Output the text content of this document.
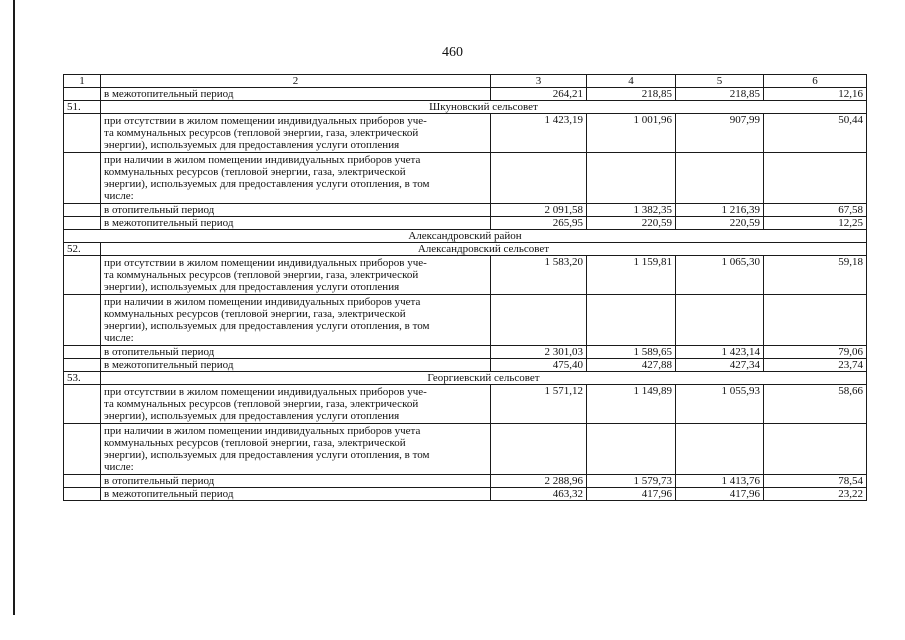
460
1	2	3	4	5	6
	в межотопительный период	264,21	218,85	218,85	12,16
51.	Шкуновский сельсовет				

	при отсутствии в жилом помещении индивидуальных приборов уче-
та коммунальных ресурсов (тепловой энергии, газа, электрической
энергии), используемых для предоставления услуги отопления	1 423,19	1 001,96	907,99	50,44

	при наличии в жилом помещении индивидуальных приборов учета
коммунальных ресурсов (тепловой энергии, газа, электрической
энергии), используемых для предоставления услуги отопления, в том
числе:				

	в отопительный период	2 091,58	1 382,35	1 216,39	67,58
	в межотопительный период	265,95	220,59	220,59	12,25
Александровский район					
52.	Александровский сельсовет				

	при отсутствии в жилом помещении индивидуальных приборов уче-
та коммунальных ресурсов (тепловой энергии, газа, электрической
энергии), используемых для предоставления услуги отопления	1 583,20	1 159,81	1 065,30	59,18

	при наличии в жилом помещении индивидуальных приборов учета
коммунальных ресурсов (тепловой энергии, газа, электрической
энергии), используемых для предоставления услуги отопления, в том
числе:				

	в отопительный период	2 301,03	1 589,65	1 423,14	79,06
	в межотопительный период	475,40	427,88	427,34	23,74
53.	Георгиевский сельсовет				

	при отсутствии в жилом помещении индивидуальных приборов уче-
та коммунальных ресурсов (тепловой энергии, газа, электрической
энергии), используемых для предоставления услуги отопления	1 571,12	1 149,89	1 055,93	58,66

	при наличии в жилом помещении индивидуальных приборов учета
коммунальных ресурсов (тепловой энергии, газа, электрической
энергии), используемых для предоставления услуги отопления, в том
числе:				

	в отопительный период	2 288,96	1 579,73	1 413,76	78,54
	в межотопительный период	463,32	417,96	417,96	23,22
